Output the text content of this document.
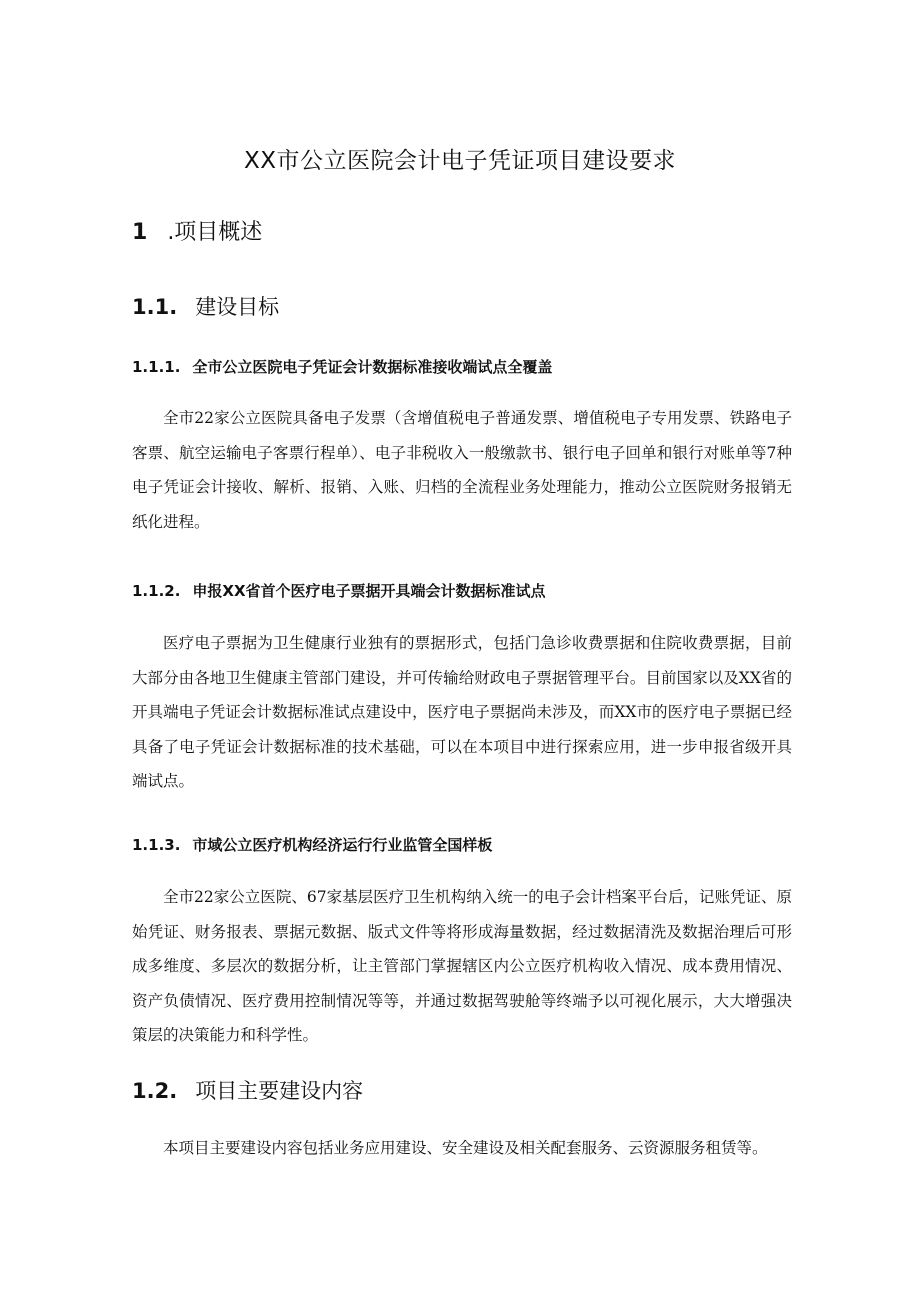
XX市公立医院会计电子凭证项目建设要求
1 .项目概述
1.1. 建设目标
1.1.1. 全市公立医院电子凭证会计数据标准接收端试点全覆盖

全市22家公立医院具备电子发票（含增值税电子普通发票、增值税电子专用发票、铁路电子客票、航空运输电子客票行程单）、电子非税收入一般缴款书、银行电子回单和银行对账单等7种电子凭证会计接收、解析、报销、入账、归档的全流程业务处理能力，推动公立医院财务报销无纸化进程。

1.1.2. 申报XX省首个医疗电子票据开具端会计数据标准试点

医疗电子票据为卫生健康行业独有的票据形式，包括门急诊收费票据和住院收费票据，目前大部分由各地卫生健康主管部门建设，并可传输给财政电子票据管理平台。目前国家以及XX省的开具端电子凭证会计数据标准试点建设中，医疗电子票据尚未涉及，而XX市的医疗电子票据已经具备了电子凭证会计数据标准的技术基础，可以在本项目中进行探索应用，进一步申报省级开具端试点。

1.1.3. 市域公立医疗机构经济运行行业监管全国样板

全市22家公立医院、67家基层医疗卫生机构纳入统一的电子会计档案平台后，记账凭证、原始凭证、财务报表、票据元数据、版式文件等将形成海量数据，经过数据清洗及数据治理后可形成多维度、多层次的数据分析，让主管部门掌握辖区内公立医疗机构收入情况、成本费用情况、资产负债情况、医疗费用控制情况等等，并通过数据驾驶舱等终端予以可视化展示，大大增强决策层的决策能力和科学性。

1.2. 项目主要建设内容

本项目主要建设内容包括业务应用建设、安全建设及相关配套服务、云资源服务租赁等。
